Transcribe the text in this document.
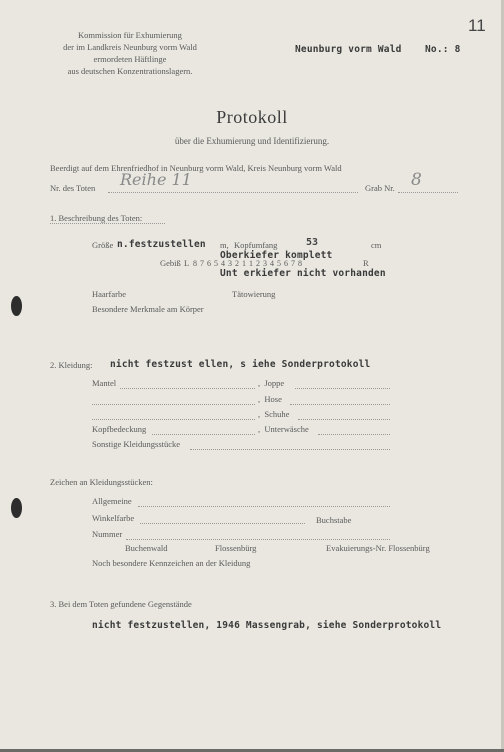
Kommission für Exhumierung
der im Landkreis Neunburg vorm Wald
ermordeten Häftlinge
aus deutschen Konzentrationslagern.
Neunburg vorm Wald No.: 8
11
Protokoll
über die Exhumierung und Identifizierung.
Beerdigt auf dem Ehrenfriedhof in Neunburg vorm Wald, Kreis Neunburg vorm Wald
Nr. des Toten Reihe 11	Grab Nr. 8
1. Beschreibung des Toten:
Größe n.festzustellen m, Kopfumfang	53	cm
Oberkiefer komplett
Gebiß L 8 7 6 5 4 3 2 1 1 2 3 4 5 6 7 8	R
Unt erkiefer nicht vorhanden
Haarfarbe	Tätowierung
Besondere Merkmale am Körper
2. Kleidung: nicht festzust ellen, s iehe Sonderprotokoll
Mantel	,  Joppe
,  Hose
,  Schuhe
Kopfbedeckung	,  Unterwäsche
Sonstige Kleidungsstücke
Zeichen an Kleidungsstücken:
Allgemeine
Winkelfarbe	Buchstabe
Nummer
Buchenwald	Flossenbürg	Evakuierungs-Nr. Flossenbürg
Noch besondere Kennzeichen an der Kleidung
3. Bei dem Toten gefundene Gegenstände
nicht festzustellen, 1946 Massengrab, siehe Sonderprotokoll
